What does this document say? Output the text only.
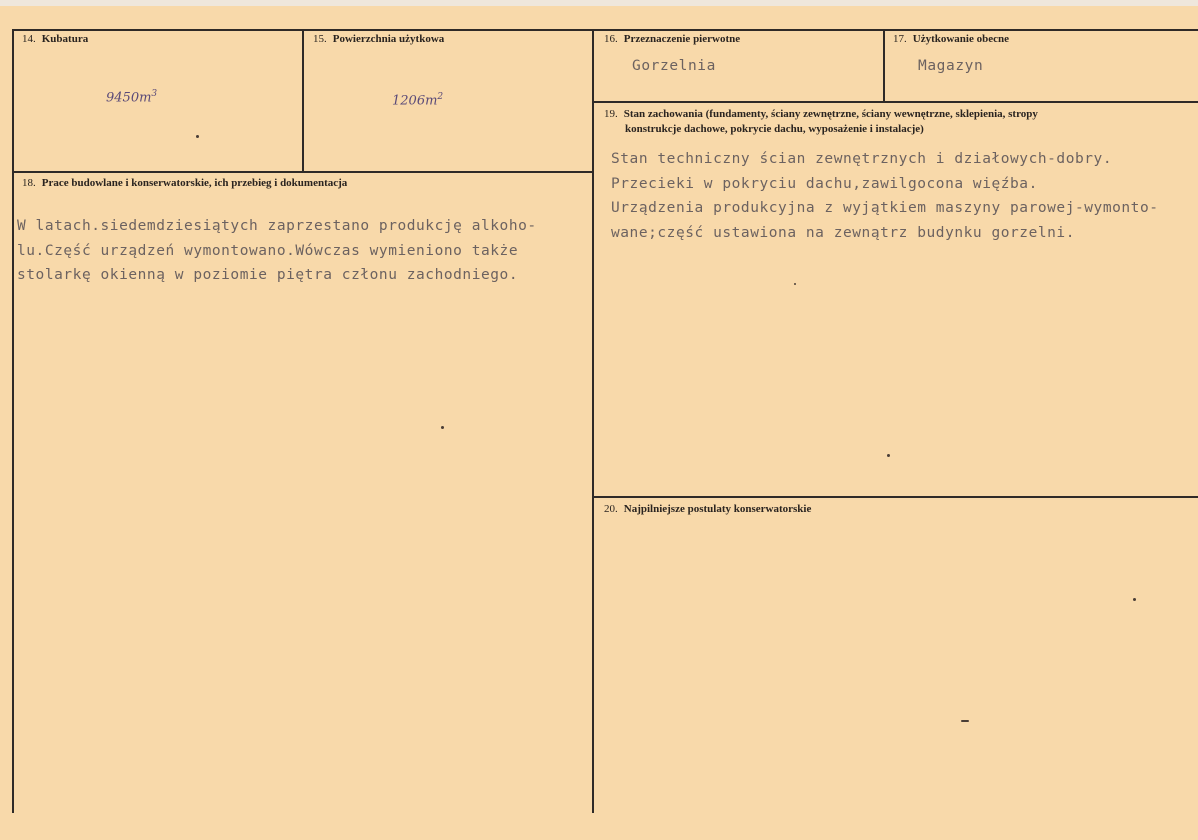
14. Kubatura
$9450m^3$
15. Powierzchnia użytkowa
$1206m^2$
16. Przeznaczenie pierwotne
Gorzelnia
17. Użytkowanie obecne
Magazyn
18. Prace budowlane i konserwatorskie, ich przebieg i dokumentacja
W latach.siedemdziesiątych zaprzestano produkcję alkoho-
lu.Część urządzeń wymontowano.Wówczas wymieniono także
stolarkę okienną w poziomie piętra członu zachodniego.
19. Stan zachowania (fundamenty, ściany zewnętrzne, ściany wewnętrzne, sklepienia, stropy
konstrukcje dachowe, pokrycie dachu, wyposażenie i instalacje)
Stan techniczny ścian zewnętrznych i działowych-dobry.
Przecieki w pokryciu dachu,zawilgocona więźba.
Urządzenia produkcyjna z wyjątkiem maszyny parowej-wymonto-
wane;część ustawiona na zewnątrz budynku gorzelni.
20. Najpilniejsze postulaty konserwatorskie
